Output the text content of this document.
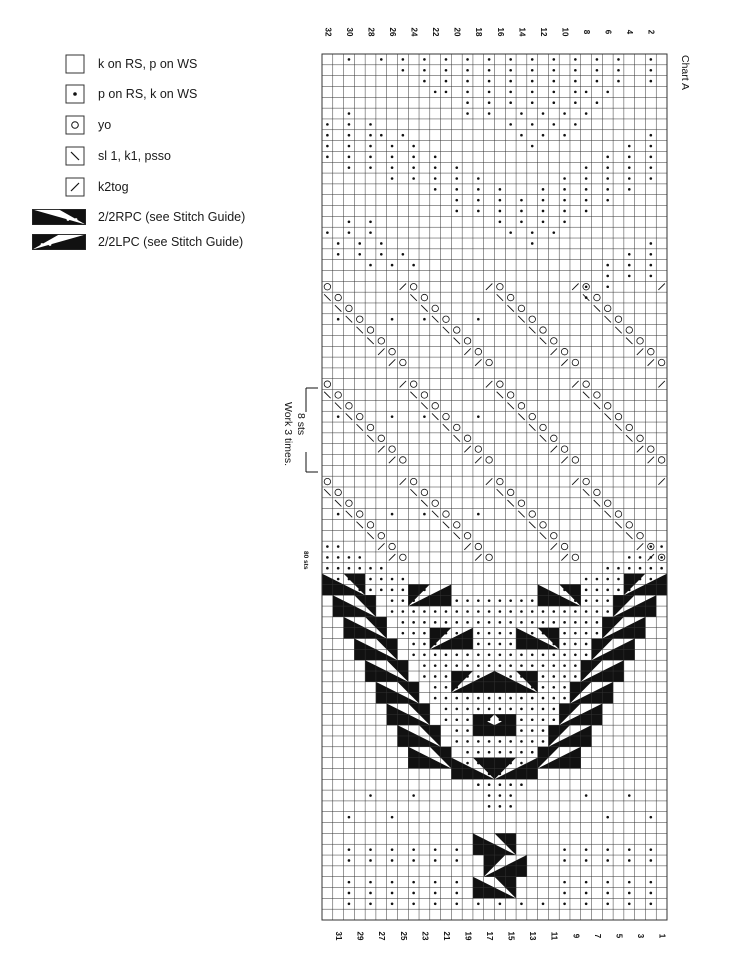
k on RS, p on WS
p on RS, k on WS
yo
sl 1, k1, psso
k2tog
2/2RPC (see Stitch Guide)
2/2LPC (see Stitch Guide)
2
4
6
8
10
12
14
16
18
20
22
24
26
28
30
32
1
3
5
7
9
11
13
15
17
19
21
23
25
27
29
31
Chart A
8 sts
Work 3 times.
80 sts
